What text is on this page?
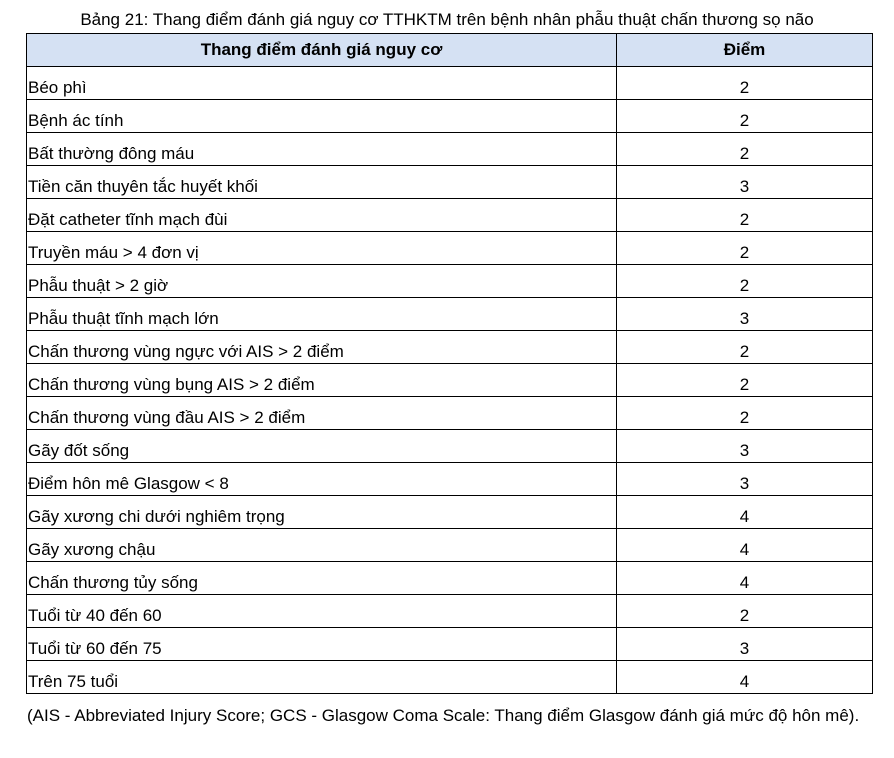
Bảng 21: Thang điểm đánh giá nguy cơ TTHKTM trên bệnh nhân phẫu thuật chấn thương sọ não
Thang điểm đánh giá nguy cơ	Điểm
Béo phì	2
Bệnh ác tính	2
Bất thường đông máu	2
Tiền căn thuyên tắc huyết khối	3
Đặt catheter tĩnh mạch đùi	2
Truyền máu > 4 đơn vị	2
Phẫu thuật > 2 giờ	2
Phẫu thuật tĩnh mạch lớn	3
Chấn thương vùng ngực với AIS > 2 điểm	2
Chấn thương vùng bụng AIS > 2 điểm	2
Chấn thương vùng đầu AIS > 2 điểm	2
Gãy đốt sống	3
Điểm hôn mê Glasgow < 8	3
Gãy xương chi dưới nghiêm trọng	4
Gãy xương chậu	4
Chấn thương tủy sống	4
Tuổi từ 40 đến 60	2
Tuổi từ 60 đến 75	3
Trên 75 tuổi	4
(AIS - Abbreviated Injury Score; GCS - Glasgow Coma Scale: Thang điểm Glasgow đánh giá mức độ hôn mê).
